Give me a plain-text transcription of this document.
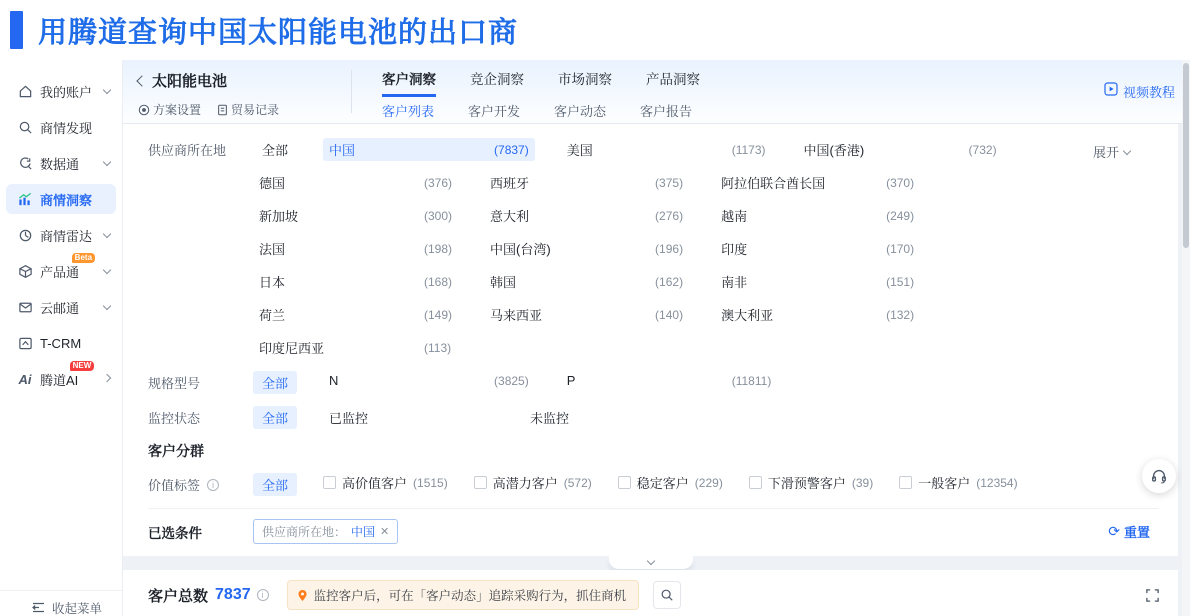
用腾道查询中国太阳能电池的出口商
我的账户
商情发现
数据通
商情洞察
商情雷达
产品通
Beta
云邮通
T-CRM
Ai 腾道AI
NEW
收起菜单
太阳能电池
方案设置	贸易记录
客户洞察	竞企洞察	市场洞察	产品洞察
客户列表	客户开发	客户动态	客户报告
视频教程
供应商所在地	全部	中国	( 7837 )	美国	( 1173 )	中国(香港)	( 732 )
德国	( 376 )	西班牙	( 375 )	阿拉伯联合酋长国	( 370 )
新加坡	( 300 )	意大利	( 276 )	越南	( 249 )
法国	( 198 )	中国(台湾)	( 196 )	印度	( 170 )
日本	( 168 )	韩国	( 162 )	南非	( 151 )
荷兰	( 149 )	马来西亚	( 140 )	澳大利亚	( 132 )
印度尼西亚	( 113 )
展开
规格型号	全部	N	( 3825 )	P	( 11811 )
监控状态	全部	已监控	未监控
客户分群
价值标签 i	全部	高价值客户 ( 1515 )	高潜力客户 ( 572 )	稳定客户 ( 229 )	下滑预警客户 ( 39 )	一般客户 ( 12354 )
已选条件	供应商所在地： 中国 ✕ ⟳	重置
客户总数 7837 i	监控客户后，可在「客户动态」追踪采购行为，抓住商机
